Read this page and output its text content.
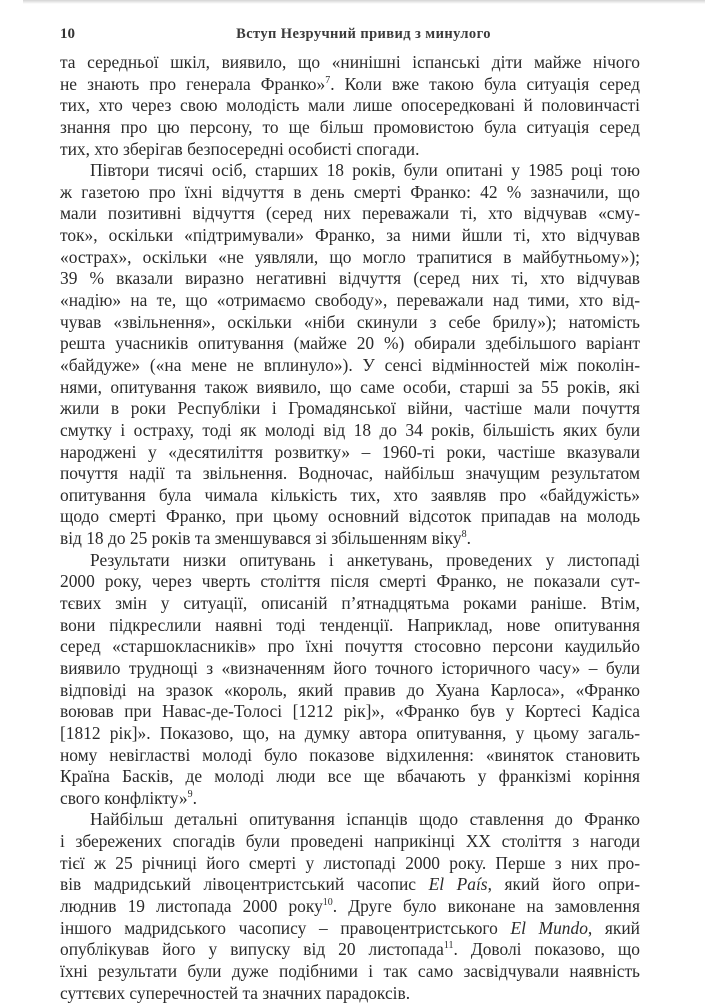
10	Вступ Незручний привид з минулого
та середньої шкіл, виявило, що «нинішні іспанські діти майже нічого
не знають про генерала Франко»$^7$. Коли вже такою була ситуація серед
тих, хто через свою молодість мали лише опосередковані й половинчасті
знання про цю персону, то ще більш промовистою була ситуація серед
тих, хто зберігав безпосередні особисті спогади.
Півтори тисячі осіб, старших 18 років, були опитані у 1985 році тою
ж газетою про їхні відчуття в день смерті Франко: 42 % зазначили, що
мали позитивні відчуття (серед них переважали ті, хто відчував «сму-
ток», оскільки «підтримували» Франко, за ними йшли ті, хто відчував
«острах», оскільки «не уявляли, що могло трапитися в майбутньому»);
39 % вказали виразно негативні відчуття (серед них ті, хто відчував
«надію» на те, що «отримаємо свободу», переважали над тими, хто від-
чував «звільнення», оскільки «ніби скинули з себе брилу»); натомість
решта учасників опитування (майже 20 %) обирали здебільшого варіант
«байдуже» («на мене не вплинуло»). У сенсі відмінностей між поколін-
нями, опитування також виявило, що саме особи, старші за 55 років, які
жили в роки Республіки і Громадянської війни, частіше мали почуття
смутку і остраху, тоді як молоді від 18 до 34 років, більшість яких були
народжені у «десятиліття розвитку» – 1960-ті роки, частіше вказували
почуття надії та звільнення. Водночас, найбільш значущим результатом
опитування була чимала кількість тих, хто заявляв про «байдужість»
щодо смерті Франко, при цьому основний відсоток припадав на молодь
від 18 до 25 років та зменшувався зі збільшенням віку$^8$.
Результати низки опитувань і анкетувань, проведених у листопаді
2000 року, через чверть століття після смерті Франко, не показали сут-
тєвих змін у ситуації, описаній п’ятнадцятьма роками раніше. Втім,
вони підкреслили наявні тоді тенденції. Наприклад, нове опитування
серед «старшокласників» про їхні почуття стосовно персони каудильйо
виявило труднощі з «визначенням його точного історичного часу» – були
відповіді на зразок «король, який правив до Хуана Карлоса», «Франко
воював при Навас-де-Толосі [1212 рік]», «Франко був у Кортесі Кадіса
[1812 рік]». Показово, що, на думку автора опитування, у цьому загаль-
ному невігластві молоді було показове відхилення: «виняток становить
Країна Басків, де молоді люди все ще вбачають у франкізмі коріння
свого конфлікту»$^9$.
Найбільш детальні опитування іспанців щодо ставлення до Франко
і збережених спогадів були проведені наприкінці XX століття з нагоди
тієї ж 25 річниці його смерті у листопаді 2000 року. Перше з них про-
вів мадридський лівоцентристський часопис El País, який його опри-
люднив 19 листопада 2000 року$^{10}$. Друге було виконане на замовлення
іншого мадридського часопису – правоцентристського El Mundo, який
опублікував його у випуску від 20 листопада$^{11}$. Доволі показово, що
їхні результати були дуже подібними і так само засвідчували наявність
суттєвих суперечностей та значних парадоксів.
